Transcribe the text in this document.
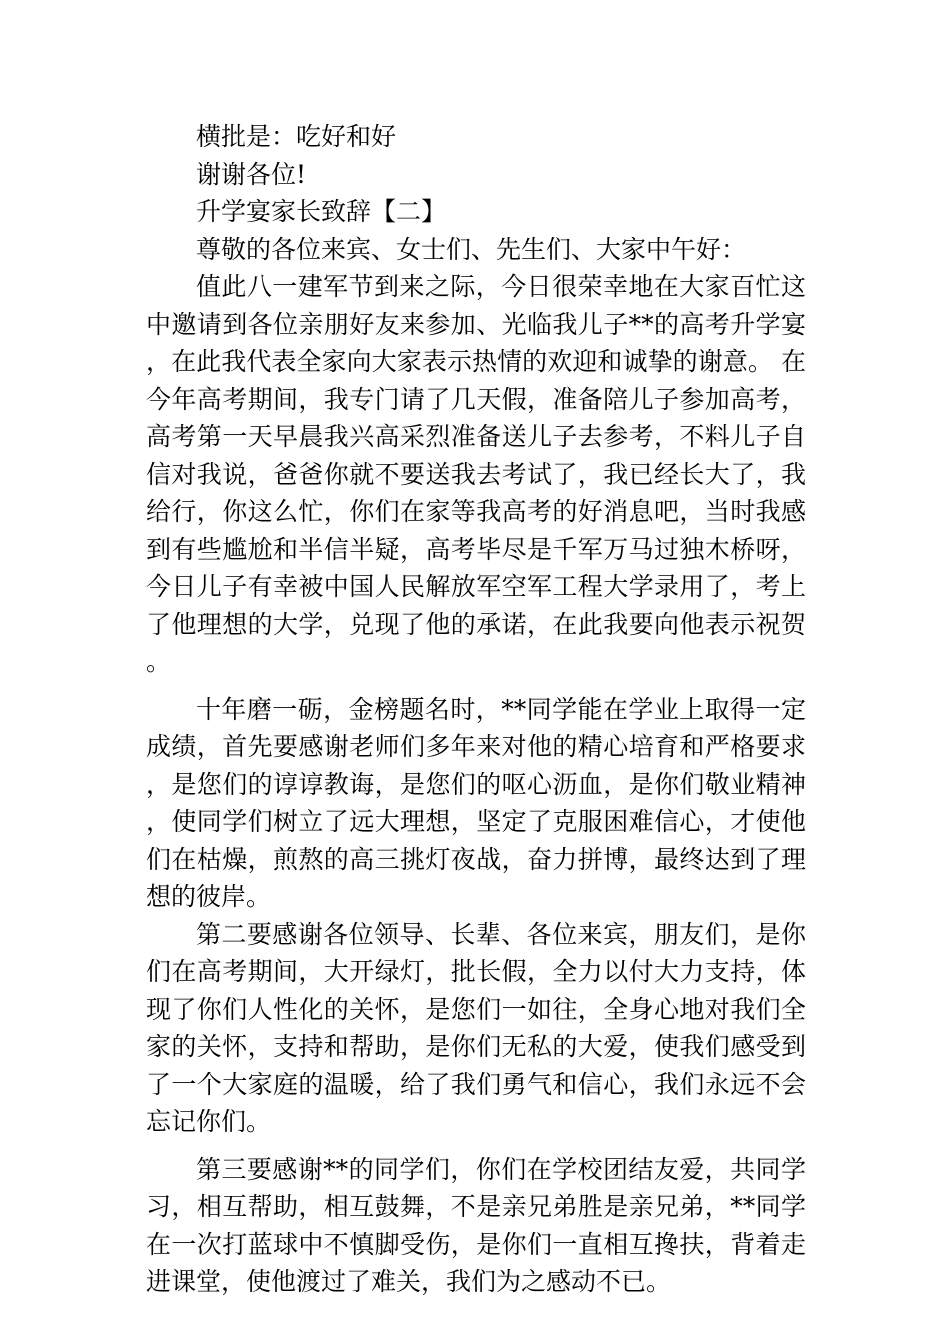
横批是：吃好和好

谢谢各位!

升学宴家长致辞【二】

尊敬的各位来宾、女士们、先生们、大家中午好：

值此八一建军节到来之际，今日很荣幸地在大家百忙这中邀请到各位亲朋好友来参加、光临我儿子**的高考升学宴，在此我代表全家向大家表示热情的欢迎和诚挚的谢意。 在今年高考期间，我专门请了几天假，准备陪儿子参加高考，高考第一天早晨我兴高采烈准备送儿子去参考，不料儿子自信对我说，爸爸你就不要送我去考试了，我已经长大了，我给行，你这么忙，你们在家等我高考的好消息吧，当时我感到有些尴尬和半信半疑，高考毕尽是千军万马过独木桥呀，今日儿子有幸被中国人民解放军空军工程大学录用了，考上了他理想的大学，兑现了他的承诺，在此我要向他表示祝贺。

十年磨一砺，金榜题名时，**同学能在学业上取得一定成绩，首先要感谢老师们多年来对他的精心培育和严格要求，是您们的谆谆教诲，是您们的呕心沥血，是你们敬业精神，使同学们树立了远大理想，坚定了克服困难信心，才使他们在枯燥，煎熬的高三挑灯夜战，奋力拼博，最终达到了理想的彼岸。

第二要感谢各位领导、长辈、各位来宾，朋友们，是你们在高考期间，大开绿灯，批长假，全力以付大力支持，体现了你们人性化的关怀，是您们一如往，全身心地对我们全家的关怀，支持和帮助，是你们无私的大爱，使我们感受到了一个大家庭的温暖，给了我们勇气和信心，我们永远不会忘记你们。

第三要感谢**的同学们，你们在学校团结友爱，共同学习，相互帮助，相互鼓舞，不是亲兄弟胜是亲兄弟，**同学在一次打蓝球中不慎脚受伤，是你们一直相互搀扶，背着走进课堂，使他渡过了难关，我们为之感动不已。
